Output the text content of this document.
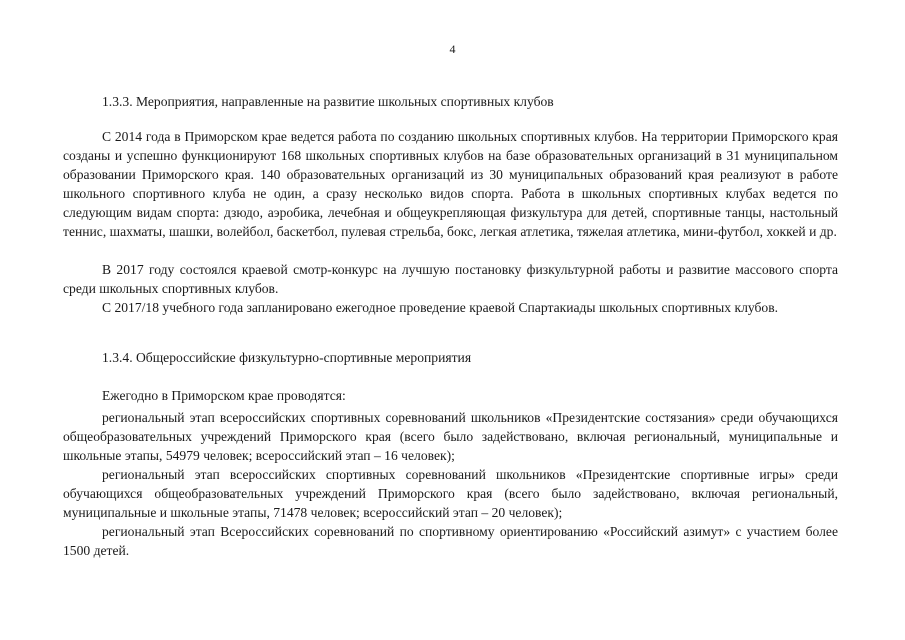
4
1.3.3. Мероприятия, направленные на развитие школьных спортивных клубов

С 2014 года в Приморском крае ведется работа по созданию школьных спортивных клубов. На территории Приморского края созданы и успешно функционируют 168 школьных спортивных клубов на базе образовательных организаций в 31 муниципальном образовании Приморского края. 140 образовательных организаций из 30 муниципальных образований края реализуют в работе школьного спортивного клуба не один, а сразу несколько видов спорта. Работа в школьных спортивных клубах ведется по следующим видам спорта: дзюдо, аэробика, лечебная и общеукрепляющая физкультура для детей, спортивные танцы, настольный теннис, шахматы, шашки, волейбол, баскетбол, пулевая стрельба, бокс, легкая атлетика, тяжелая атлетика, мини-футбол, хоккей и др.

В 2017 году состоялся краевой смотр-конкурс на лучшую постановку физкультурной работы и развитие массового спорта среди школьных спортивных клубов.

С 2017/18 учебного года запланировано ежегодное проведение краевой Спартакиады школьных спортивных клубов.

1.3.4. Общероссийские физкультурно-спортивные мероприятия
Ежегодно в Приморском крае проводятся:

региональный этап всероссийских спортивных соревнований школьников «Президентские состязания» среди обучающихся общеобразовательных учреждений Приморского края (всего было задействовано, включая региональный, муниципальные и школьные этапы, 54979 человек; всероссийский этап – 16 человек);

региональный этап всероссийских спортивных соревнований школьников «Президентские спортивные игры» среди обучающихся общеобразовательных учреждений Приморского края (всего было задействовано, включая региональный, муниципальные и школьные этапы, 71478 человек; всероссийский этап – 20 человек);

региональный этап Всероссийских соревнований по спортивному ориентированию «Российский азимут» с участием более 1500 детей.
